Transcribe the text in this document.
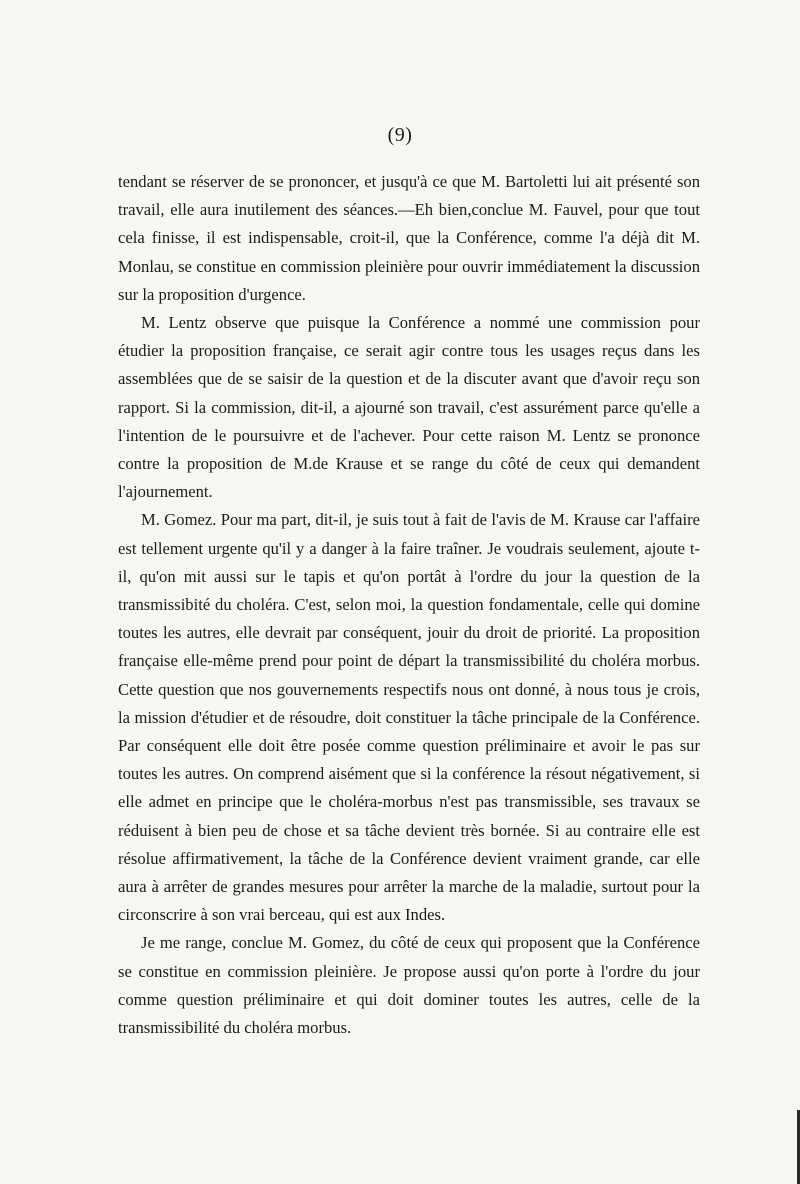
(9)

tendant se réserver de se prononcer, et jusqu'à ce que M. Bartoletti lui ait présenté son travail, elle aura inutilement des séances.—Eh bien,conclue M. Fauvel, pour que tout cela finisse, il est indispensable, croit-il, que la Conférence, comme l'a déjà dit M. Monlau, se constitue en commission pleinière pour ouvrir immédiatement la discussion sur la proposition d'urgence.

M. Lentz observe que puisque la Conférence a nommé une commission pour étudier la proposition française, ce serait agir contre tous les usages reçus dans les assemblées que de se saisir de la question et de la discuter avant que d'avoir reçu son rapport. Si la commission, dit-il, a ajourné son travail, c'est assurément parce qu'elle a l'intention de le poursuivre et de l'achever. Pour cette raison M. Lentz se prononce contre la proposition de M.de Krause et se range du côté de ceux qui demandent l'ajournement.

M. Gomez. Pour ma part, dit-il, je suis tout à fait de l'avis de M. Krause car l'affaire est tellement urgente qu'il y a danger à la faire traîner. Je voudrais seulement, ajoute t-il, qu'on mit aussi sur le tapis et qu'on portât à l'ordre du jour la question de la transmissibité du choléra. C'est, selon moi, la question fondamentale, celle qui domine toutes les autres, elle devrait par conséquent, jouir du droit de priorité. La proposition française elle-même prend pour point de départ la transmissibilité du choléra morbus. Cette question que nos gouvernements respectifs nous ont donné, à nous tous je crois, la mission d'étudier et de résoudre, doit constituer la tâche principale de la Conférence. Par conséquent elle doit être posée comme question préliminaire et avoir le pas sur toutes les autres. On comprend aisément que si la conférence la résout négativement, si elle admet en principe que le choléra-morbus n'est pas transmissible, ses travaux se réduisent à bien peu de chose et sa tâche devient très bornée. Si au contraire elle est résolue affirmativement, la tâche de la Conférence devient vraiment grande, car elle aura à arrêter de grandes mesures pour arrêter la marche de la maladie, surtout pour la circonscrire à son vrai berceau, qui est aux Indes.

Je me range, conclue M. Gomez, du côté de ceux qui proposent que la Conférence se constitue en commission pleinière. Je propose aussi qu'on porte à l'ordre du jour comme question préliminaire et qui doit dominer toutes les autres, celle de la transmissibilité du choléra morbus.
